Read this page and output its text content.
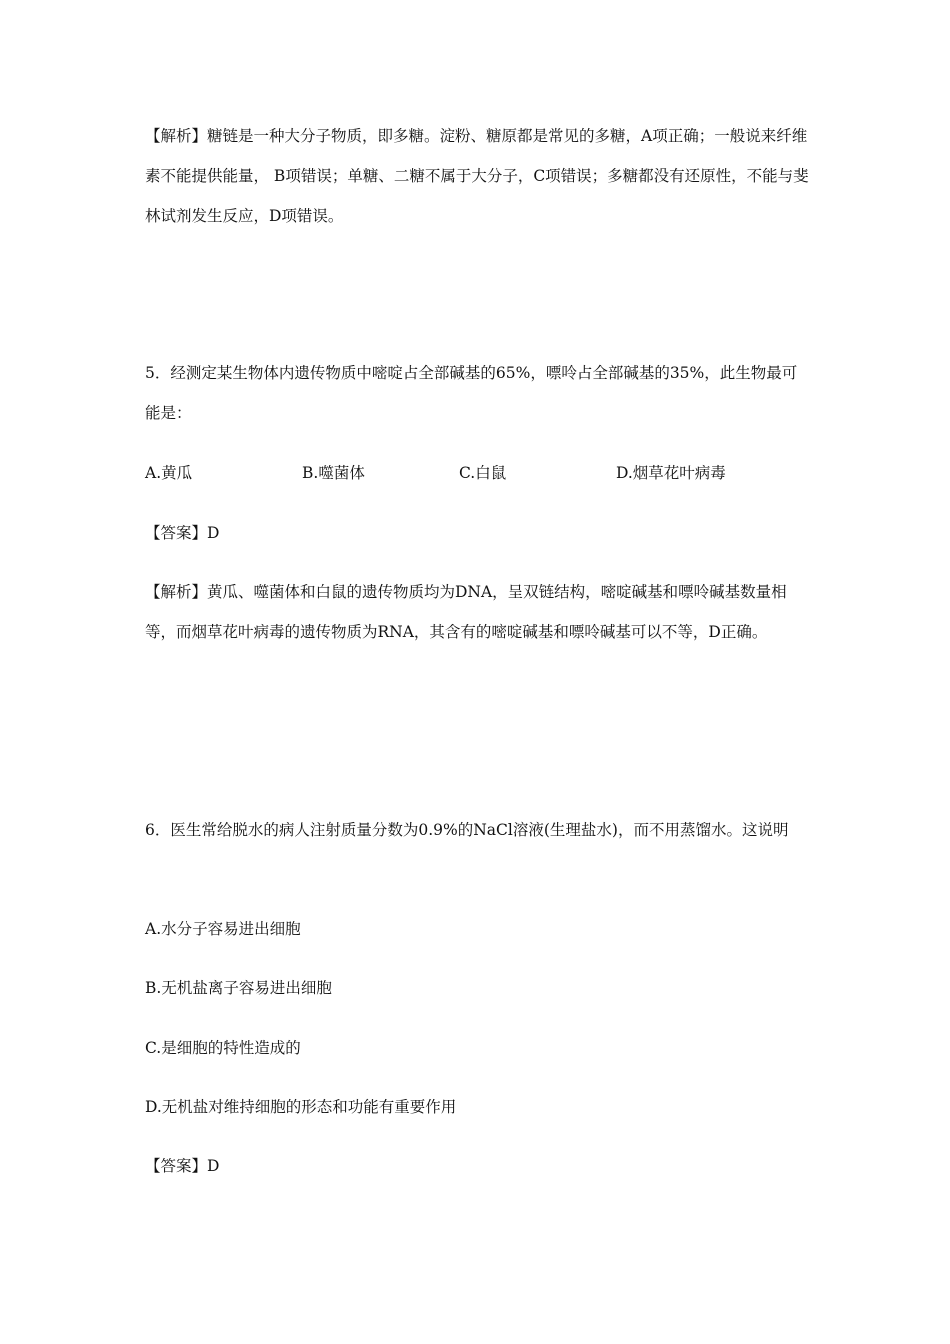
【解析】糖链是一种大分子物质，即多糖。淀粉、糖原都是常见的多糖，A项正确；一般说来纤维素不能提供能量， B项错误；单糖、二糖不属于大分子，C项错误；多糖都没有还原性，不能与斐林试剂发生反应，D项错误。

5．经测定某生物体内遗传物质中嘧啶占全部碱基的65%，嘌呤占全部碱基的35%，此生物最可能是：

A.黄瓜	B.噬菌体	C.白鼠	D.烟草花叶病毒
【答案】D

【解析】黄瓜、噬菌体和白鼠的遗传物质均为DNA，呈双链结构，嘧啶碱基和嘌呤碱基数量相等，而烟草花叶病毒的遗传物质为RNA，其含有的嘧啶碱基和嘌呤碱基可以不等，D正确。

6．医生常给脱水的病人注射质量分数为0.9%的NaCl溶液(生理盐水)，而不用蒸馏水。这说明

A.水分子容易进出细胞
B.无机盐离子容易进出细胞
C.是细胞的特性造成的
D.无机盐对维持细胞的形态和功能有重要作用
【答案】D
